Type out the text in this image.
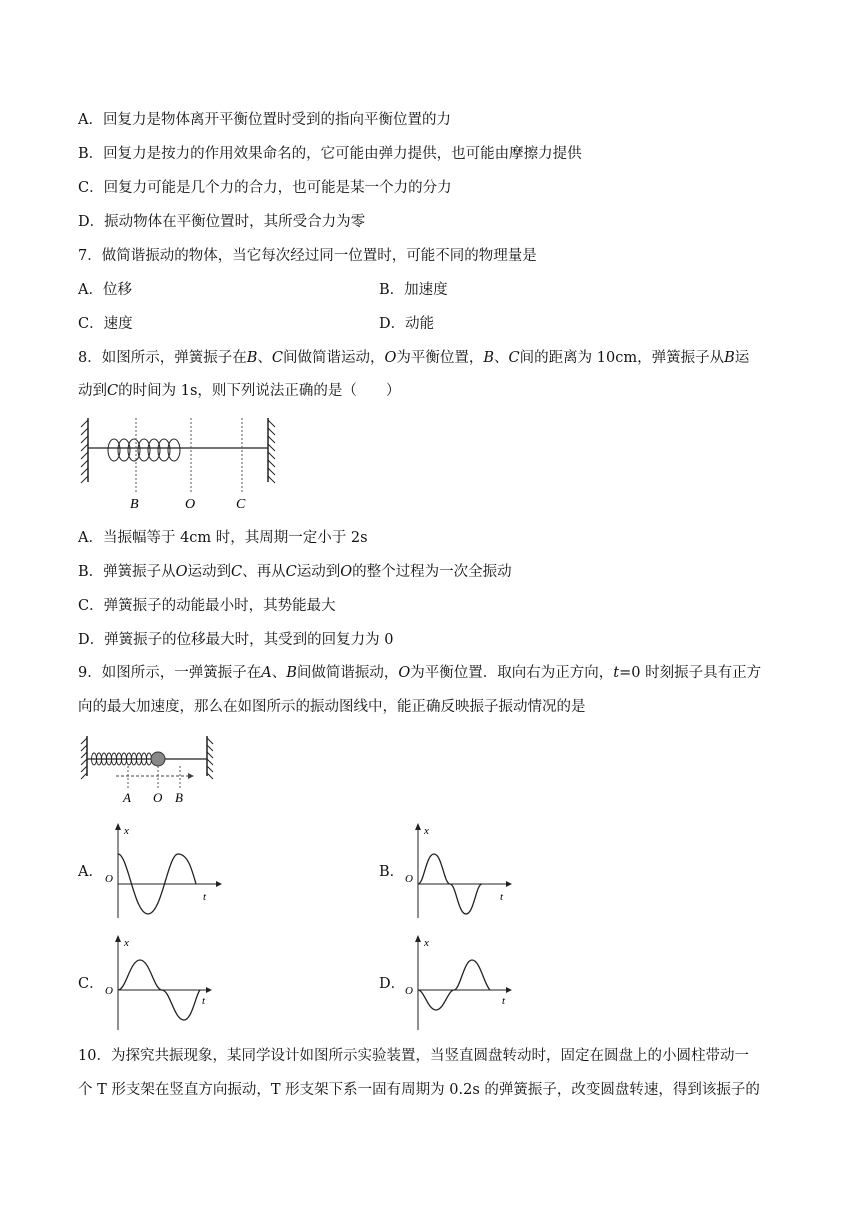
A．回复力是物体离开平衡位置时受到的指向平衡位置的力
B．回复力是按力的作用效果命名的，它可能由弹力提供，也可能由摩擦力提供
C．回复力可能是几个力的合力，也可能是某一个力的分力
D．振动物体在平衡位置时，其所受合力为零
7．做简谐振动的物体，当它每次经过同一位置时，可能不同的物理量是
A．位移	B．加速度
C．速度	D．动能
8．如图所示，弹簧振子在B、C间做简谐运动，O为平衡位置，B、C间的距离为 10cm，弹簧振子从B运
动到C的时间为 1s，则下列说法正确的是（　　）
B	O	C
A．当振幅等于 4cm 时，其周期一定小于 2s
B．弹簧振子从O运动到C、再从C运动到O的整个过程为一次全振动
C．弹簧振子的动能最小时，其势能最大
D．弹簧振子的位移最大时，其受到的回复力为 0
9．如图所示，一弹簧振子在A、B间做简谐振动，O为平衡位置．取向右为正方向，t=0 时刻振子具有正方
向的最大加速度，那么在如图所示的振动图线中，能正确反映振子振动情况的是
A O B
A．	B．
C．	D．
x
t
O
x
t
O
x
t
O
x
t
O
10．为探究共振现象，某同学设计如图所示实验装置，当竖直圆盘转动时，固定在圆盘上的小圆柱带动一
个 T 形支架在竖直方向振动，T 形支架下系一固有周期为 0.2s 的弹簧振子，改变圆盘转速，得到该振子的
